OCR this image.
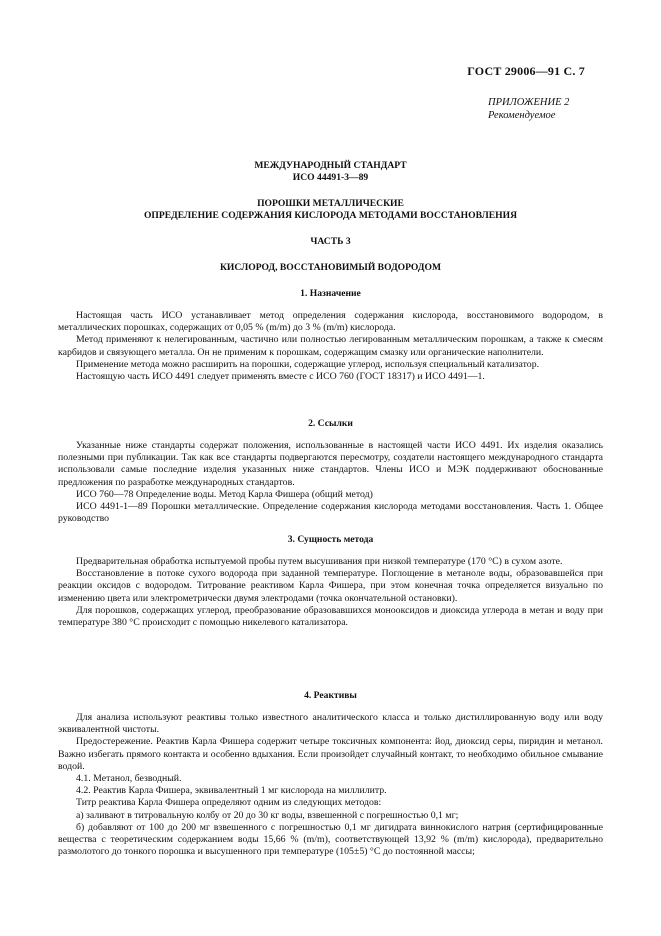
ГОСТ 29006—91 С. 7
ПРИЛОЖЕНИЕ 2
Рекомендуемое
МЕЖДУНАРОДНЫЙ СТАНДАРТ
ИСО 44491-3—89
ПОРОШКИ МЕТАЛЛИЧЕСКИЕ
ОПРЕДЕЛЕНИЕ СОДЕРЖАНИЯ КИСЛОРОДА МЕТОДАМИ ВОССТАНОВЛЕНИЯ
ЧАСТЬ 3
КИСЛОРОД, ВОССТАНОВИМЫЙ ВОДОРОДОМ
1. Назначение

Настоящая часть ИСО устанавливает метод определения содержания кислорода, восстановимого водородом, в металлических порошках, содержащих от 0,05 % (m/m) до 3 % (m/m) кислорода.

Метод применяют к нелегированным, частично или полностью легированным металлическим порошкам, а также к смесям карбидов и связующего металла. Он не применим к порошкам, содержащим смазку или органические наполнители.

Применение метода можно расширить на порошки, содержащие углерод, используя специальный катализатор.

Настоящую часть ИСО 4491 следует применять вместе с ИСО 760 (ГОСТ 18317) и ИСО 4491—1.

2. Ссылки

Указанные ниже стандарты содержат положения, использованные в настоящей части ИСО 4491. Их изделия оказались полезными при публикации. Так как все стандарты подвергаются пересмотру, создатели настоящего международного стандарта использовали самые последние изделия указанных ниже стандартов. Члены ИСО и МЭК поддерживают обоснованные предложения по разработке международных стандартов.

ИСО 760—78 Определение воды. Метод Карла Фишера (общий метод)

ИСО 4491-1—89 Порошки металлические. Определение содержания кислорода методами восстановления. Часть 1. Общее руководство

3. Сущность метода

Предварительная обработка испытуемой пробы путем высушивания при низкой температуре (170 °С) в сухом азоте.

Восстановление в потоке сухого водорода при заданной температуре. Поглощение в метаноле воды, образовавшейся при реакции оксидов с водородом. Титрование реактивом Карла Фишера, при этом конечная точка определяется визуально по изменению цвета или электрометрически двумя электродами (точка окончательной остановки).

Для порошков, содержащих углерод, преобразование образовавшихся монооксидов и диоксида углерода в метан и воду при температуре 380 °С происходит с помощью никелевого катализатора.

4. Реактивы

Для анализа используют реактивы только известного аналитического класса и только дистиллированную воду или воду эквивалентной чистоты.

Предостережение. Реактив Карла Фишера содержит четыре токсичных компонента: йод, диоксид серы, пиридин и метанол. Важно избегать прямого контакта и особенно вдыхания. Если произойдет случайный контакт, то необходимо обильное смывание водой.

4.1. Метанол, безводный.

4.2. Реактив Карла Фишера, эквивалентный 1 мг кислорода на миллилитр.

Титр реактива Карла Фишера определяют одним из следующих методов:

а) заливают в титровальную колбу от 20 до 30 кг воды, взвешенной с погрешностью 0,1 мг;

б) добавляют от 100 до 200 мг взвешенного с погрешностью 0,1 мг дигидрата виннокислого натрия (сертифицированные вещества с теоретическим содержанием воды 15,66 % (m/m), соответствующей 13,92 % (m/m) кислорода), предварительно размолотого до тонкого порошка и высушенного при температуре (105±5) °С до постоянной массы;
